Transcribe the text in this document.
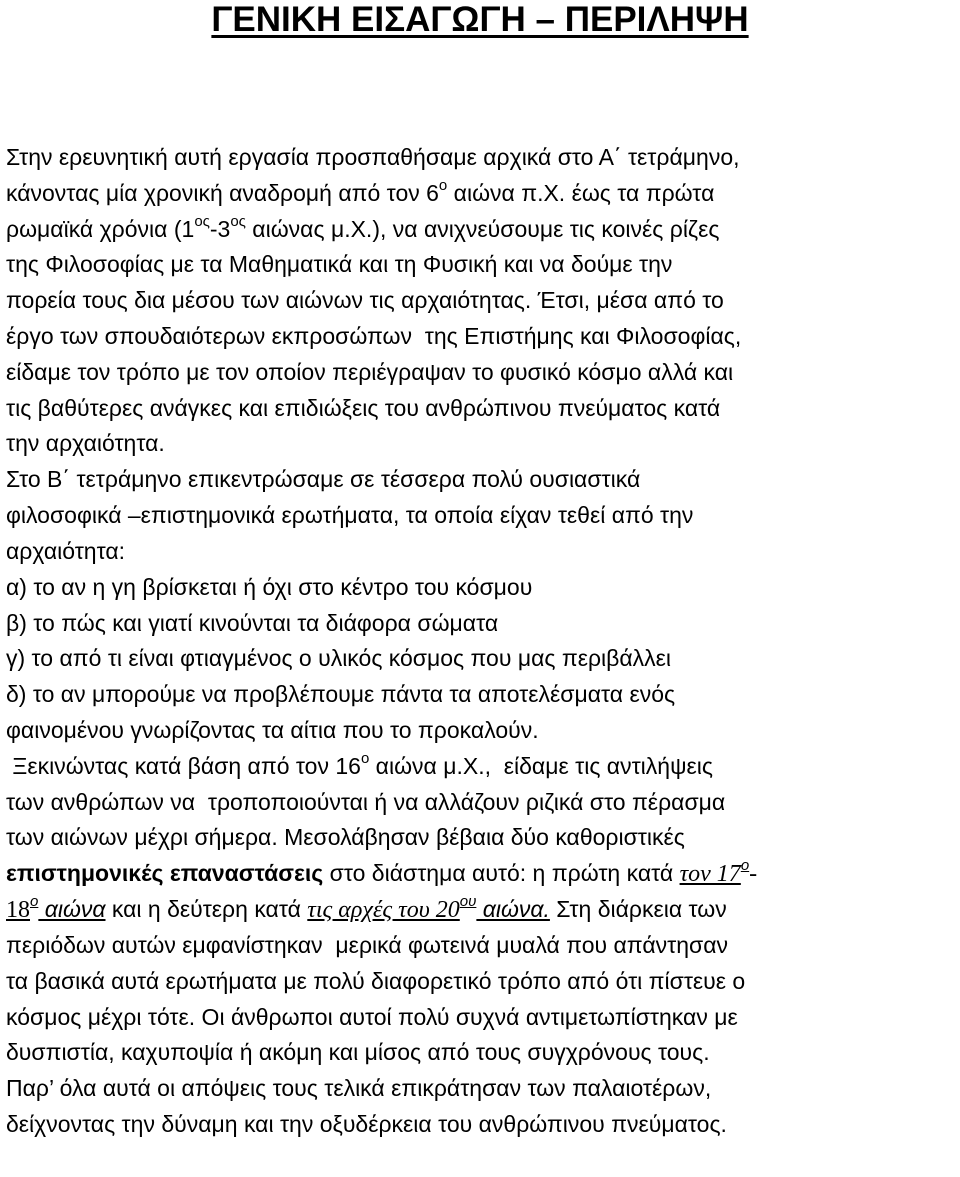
ΓΕΝΙΚΗ ΕΙΣΑΓΩΓΗ – ΠΕΡΙΛΗΨΗ
Στην ερευνητική αυτή εργασία προσπαθήσαμε αρχικά στο Α΄ τετράμηνο,
κάνοντας μία χρονική αναδρομή από τον $6^o$ αιώνα π.Χ. έως τα πρώτα
ρωμαϊκά χρόνια ($1^{o\varsigma}-3^{o\varsigma}$ αιώνας μ.Χ.), να ανιχνεύσουμε τις κοινές ρίζες
της Φιλοσοφίας με τα Μαθηματικά και τη Φυσική και να δούμε την
πορεία τους δια μέσου των αιώνων τις αρχαιότητας. Έτσι, μέσα από το
έργο των σπουδαιότερων εκπροσώπων  της Επιστήμης και Φιλοσοφίας,
είδαμε τον τρόπο με τον οποίον περιέγραψαν το φυσικό κόσμο αλλά και
τις βαθύτερες ανάγκες και επιδιώξεις του ανθρώπινου πνεύματος κατά
την αρχαιότητα.
Στο Β΄ τετράμηνο επικεντρώσαμε σε τέσσερα πολύ ουσιαστικά
φιλοσοφικά –επιστημονικά ερωτήματα, τα οποία είχαν τεθεί από την
αρχαιότητα:
α) το αν η γη βρίσκεται ή όχι στο κέντρο του κόσμου
β) το πώς και γιατί κινούνται τα διάφορα σώματα
γ) το από τι είναι φτιαγμένος ο υλικός κόσμος που μας περιβάλλει
δ) το αν μπορούμε να προβλέπουμε πάντα τα αποτελέσματα ενός
φαινομένου γνωρίζοντας τα αίτια που το προκαλούν.
Ξεκινώντας κατά βάση από τον $16^o$ αιώνα μ.Χ.,  είδαμε τις αντιλήψεις
των ανθρώπων να  τροποποιούνται ή να αλλάζουν ριζικά στο πέρασμα
των αιώνων μέχρι σήμερα. Μεσολάβησαν βέβαια δύο καθοριστικές
επιστημονικές επαναστάσεις στο διάστημα αυτό: η πρώτη κατά τον $17^o-$
$18^o$ αιώνα και η δεύτερη κατά τις αρχές του $20^{o\upsilon}$ αιώνα. Στη διάρκεια των
περιόδων αυτών εμφανίστηκαν  μερικά φωτεινά μυαλά που απάντησαν
τα βασικά αυτά ερωτήματα με πολύ διαφορετικό τρόπο από ότι πίστευε ο
κόσμος μέχρι τότε. Οι άνθρωποι αυτοί πολύ συχνά αντιμετωπίστηκαν με
δυσπιστία, καχυποψία ή ακόμη και μίσος από τους συγχρόνους τους.
Παρ’ όλα αυτά οι απόψεις τους τελικά επικράτησαν των παλαιοτέρων,
δείχνοντας την δύναμη και την οξυδέρκεια του ανθρώπινου πνεύματος.
